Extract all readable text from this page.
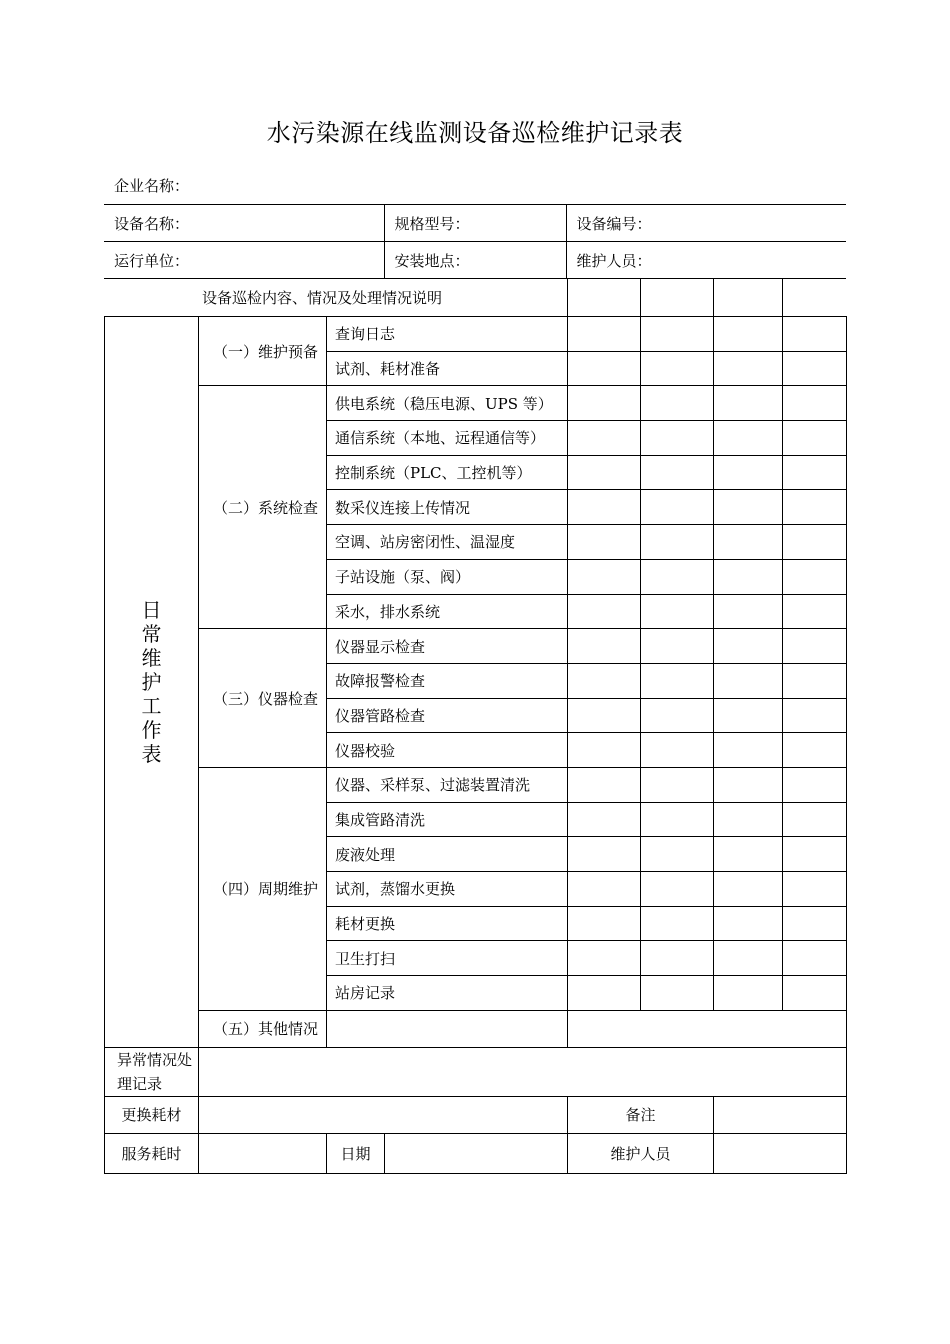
水污染源在线监测设备巡检维护记录表
企业名称：
设备名称：	规格型号：	设备编号：
运行单位：	安装地点：	维护人员：
设备巡检内容、情况及处理情况说明				
日常维护工作表	（一）维护预备	查询日志					
		试剂、耗材准备					
	（二）系统检查	供电系统（稳压电源、UPS 等）					
		通信系统（本地、远程通信等）					
		控制系统（PLC、工控机等）					
		数采仪连接上传情况					
		空调、站房密闭性、温湿度					
		子站设施（泵、阀）					
		采水，排水系统					
	（三）仪器检查	仪器显示检查					
		故障报警检查					
		仪器管路检查					
		仪器校验					
	（四）周期维护	仪器、采样泵、过滤装置清洗					
		集成管路清洗					
		废液处理					
		试剂，蒸馏水更换					
		耗材更换					
		卫生打扫					
		站房记录					
	（五）其他情况						
异常情况处理记录							
更换耗材				备注			
服务耗时		日期		维护人员			
